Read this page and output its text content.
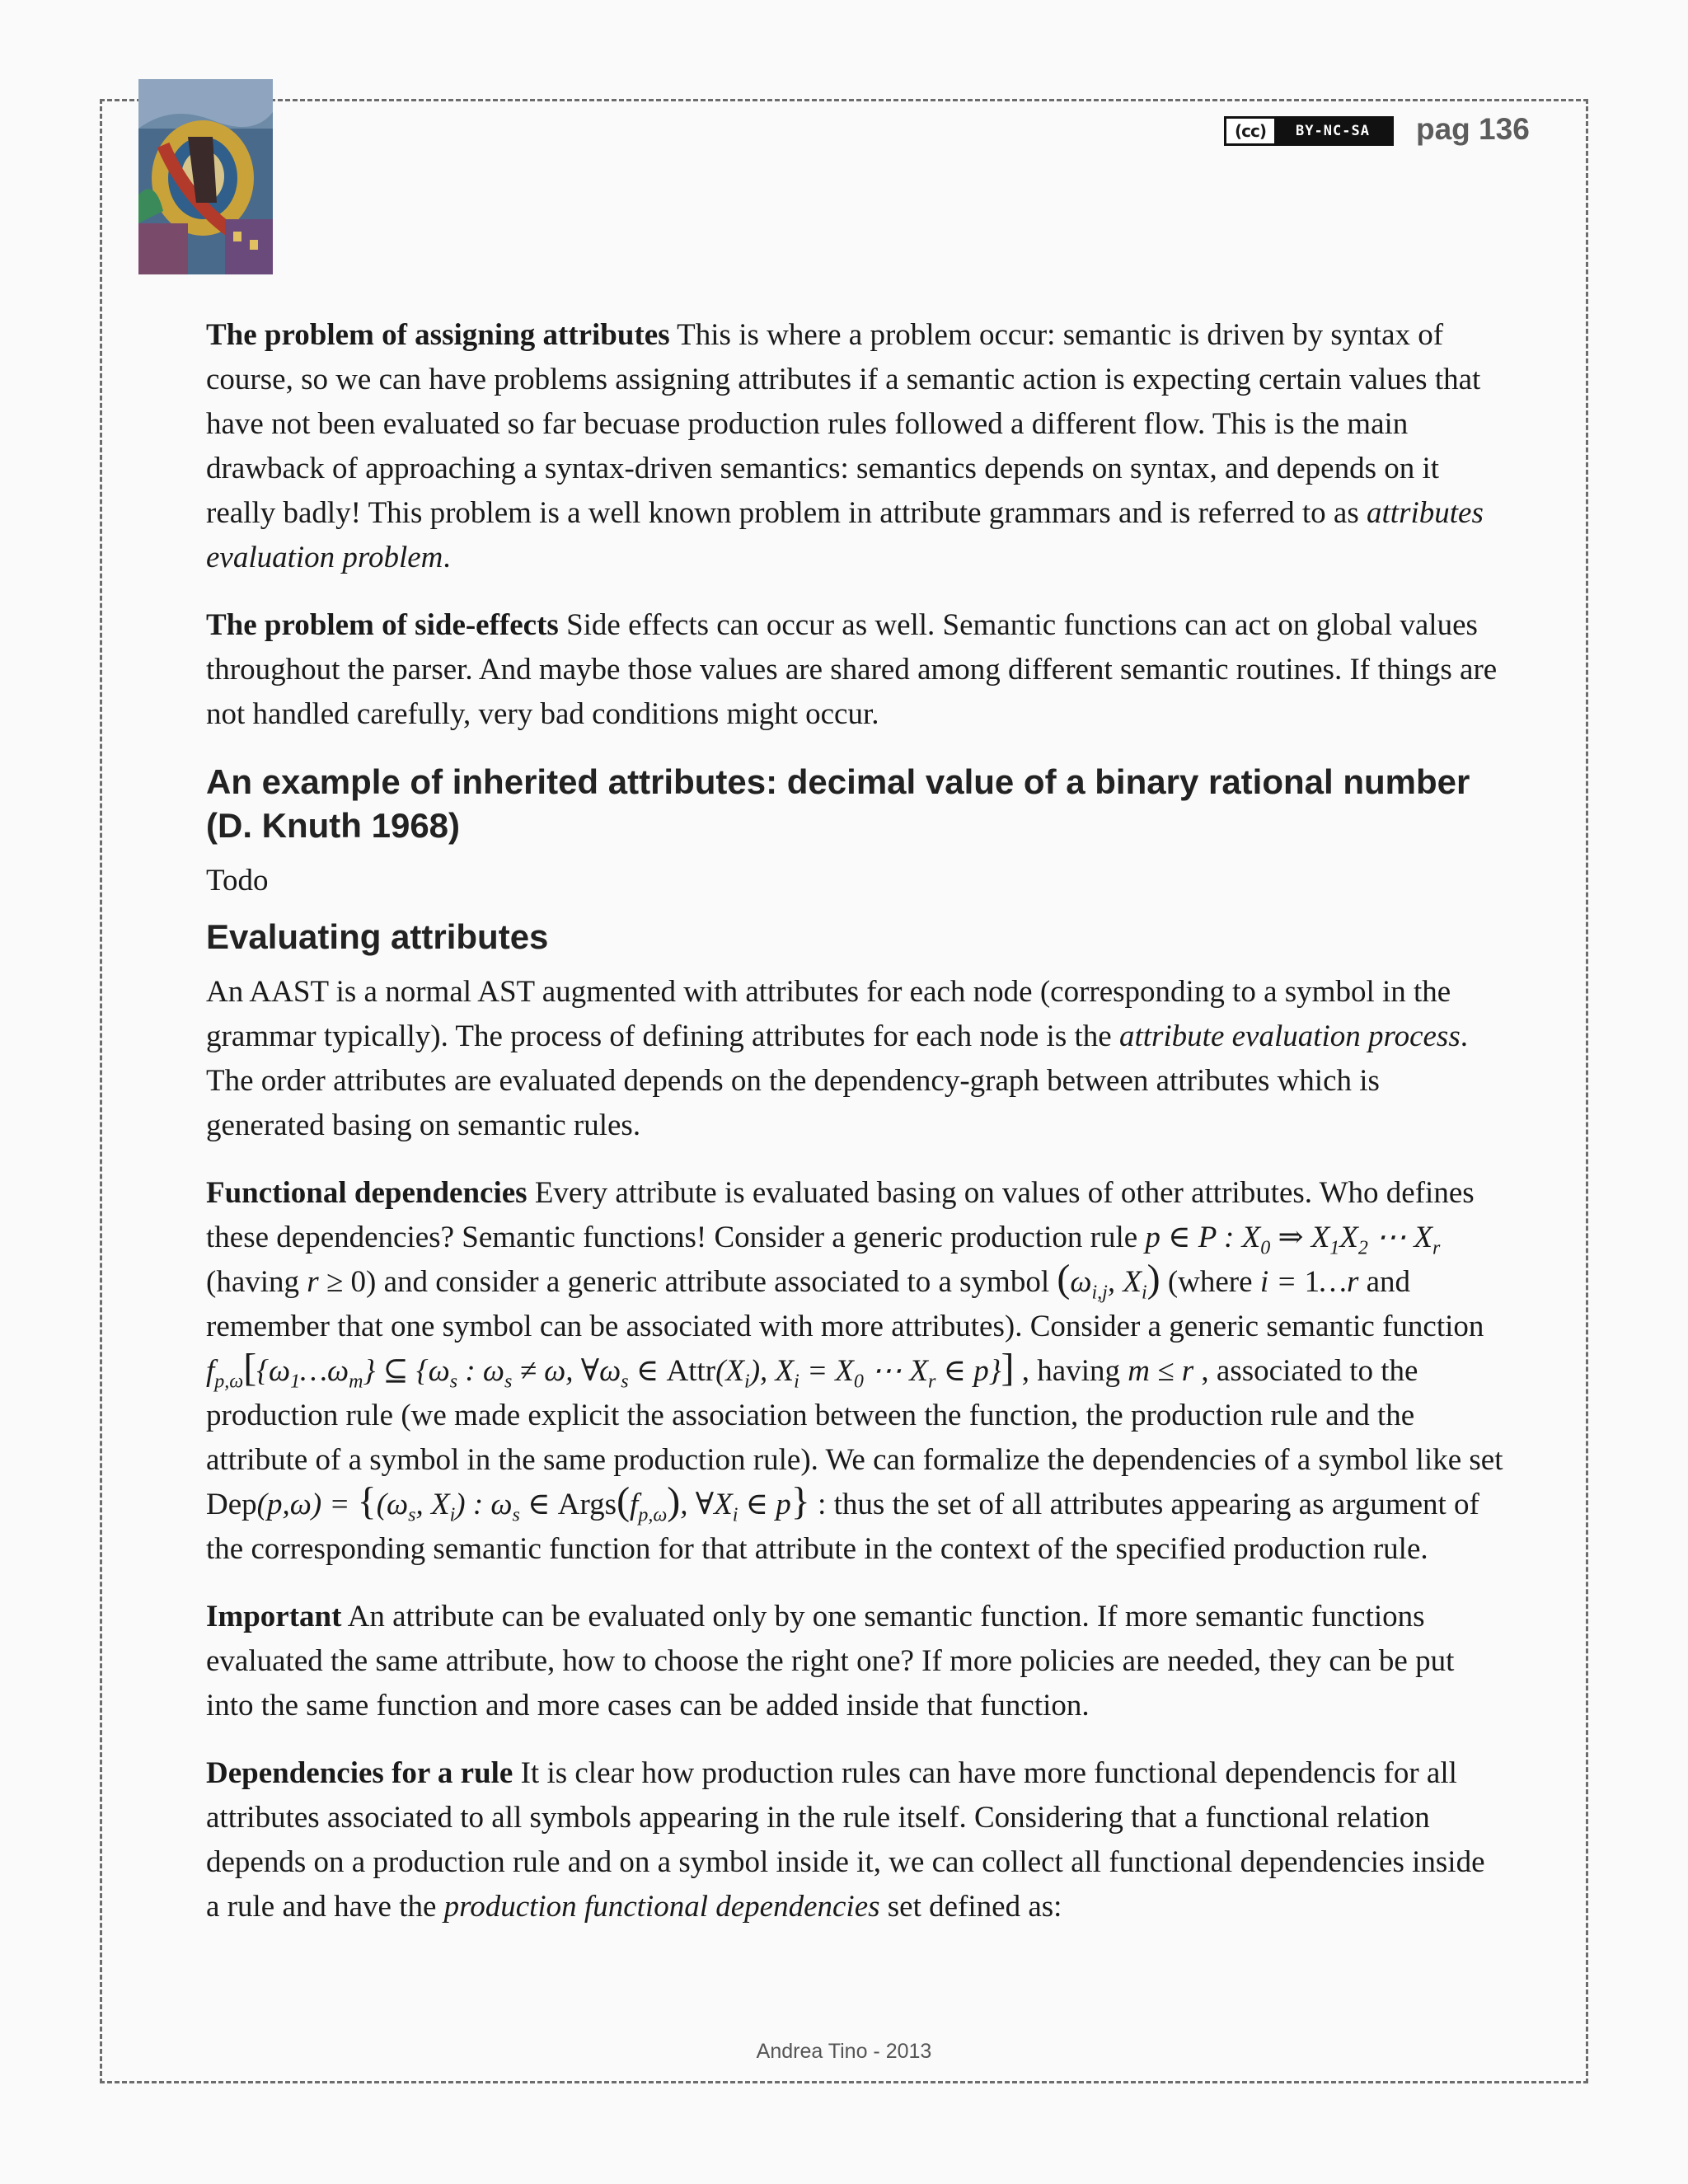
(cc)	BY-NC-SA	pag 136

The problem of assigning attributes This is where a problem occur: semantic is driven by syntax of course, so we can have problems assigning attributes if a semantic action is expecting certain values that have not been evaluated so far becuase production rules followed a different flow. This is the main drawback of approaching a syntax-driven semantics: semantics depends on syntax, and depends on it really badly! This problem is a well known problem in attribute grammars and is referred to as attributes evaluation problem.

The problem of side-effects Side effects can occur as well. Semantic functions can act on global values throughout the parser. And maybe those values are shared among different semantic routines. If things are not handled carefully, very bad conditions might occur.

An example of inherited attributes: decimal value of a binary rational number (D. Knuth 1968)

Todo

Evaluating attributes

An AAST is a normal AST augmented with attributes for each node (corresponding to a symbol in the grammar typically). The process of defining attributes for each node is the attribute evaluation process. The order attributes are evaluated depends on the dependency-graph between attributes which is generated basing on semantic rules.

Functional dependencies Every attribute is evaluated basing on values of other attributes. Who defines these dependencies? Semantic functions! Consider a generic production rule p ∈ P : $X_0$ ⇒ $X_1X_2$ ⋯ $X_r$ (having r ≥ 0) and consider a generic attribute associated to a symbol ($\omega_{i,j}$, $X_i$) (where i = 1…r and remember that one symbol can be associated with more attributes). Consider a generic semantic function $f_{p,\omega}[\{\omega_1\dots\omega_m\}$ ⊆ {$\omega_s$ : $\omega_s \ne \omega$, $\forall\omega_s$ ∈ $Attr(X_i)$, $X_i = X_0$ ⋯ $X_r$ ∈ p}] , having m ≤ r , associated to the production rule (we made explicit the association between the function, the production rule and the attribute of a symbol in the same production rule). We can formalize the dependencies of a symbol like set $Dep(p,\omega) = \{(\omega_s$, $X_i$) : $\omega_s$ ∈ $Args(f_{p,\omega})$, $\forall X_i$ ∈ p} : thus the set of all attributes appearing as argument of the corresponding semantic function for that attribute in the context of the specified production rule.

Important An attribute can be evaluated only by one semantic function. If more semantic functions evaluated the same attribute, how to choose the right one? If more policies are needed, they can be put into the same function and more cases can be added inside that function.

Dependencies for a rule It is clear how production rules can have more functional dependencis for all attributes associated to all symbols appearing in the rule itself. Considering that a functional relation depends on a production rule and on a symbol inside it, we can collect all functional dependencies inside a rule and have the production functional dependencies set defined as:

Andrea Tino - 2013
